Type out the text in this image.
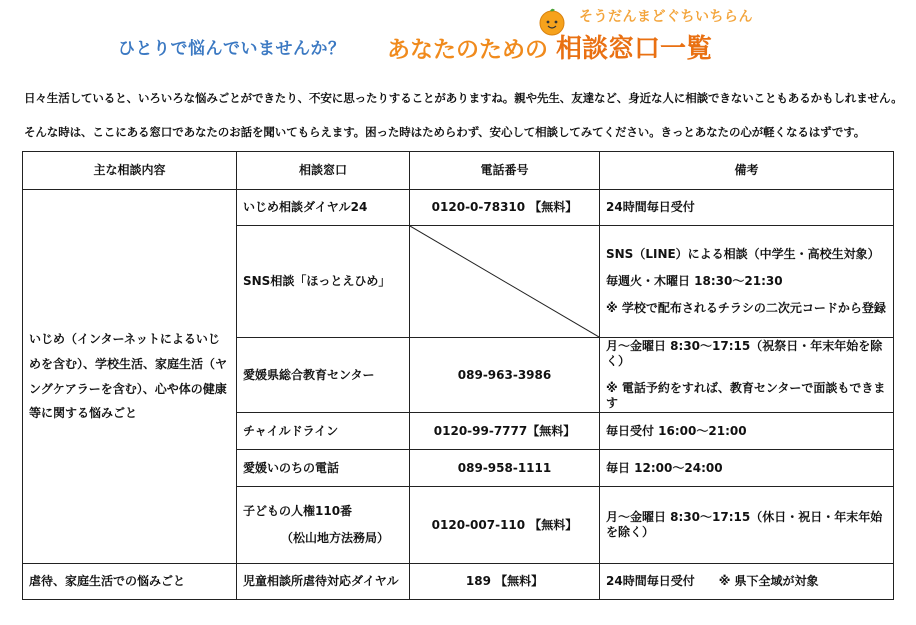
ひとりで悩んでいませんか？
そうだんまどぐちいちらん
あなたのための 相談窓口一覧
日々生活していると、いろいろな悩みごとができたり、不安に思ったりすることがありますね。親や先生、友達など、身近な人に相談できないこともあるかもしれません。
そんな時は、ここにある窓口であなたのお話を聞いてもらえます。困った時はためらわず、安心して相談してみてください。きっとあなたの心が軽くなるはずです。
主な相談内容	相談窓口	電話番号	備考

いじめ（インターネットによるいじめを含む）、学校生活、家庭生活（ヤングケアラーを含む）、心や体の健康等に関する悩みごと	いじめ相談ダイヤル24	0120-0-78310 【無料】	24時間毎日受付

	SNS相談「ほっとえひめ」		SNS（LINE）による相談（中学生・高校生対象）
毎週火・木曜日 18:30～21:30
※ 学校で配布されるチラシの二次元コードから登録

	愛媛県総合教育センター	089-963-3986	月～金曜日 8:30～17:15（祝祭日・年末年始を除く）
※ 電話予約をすれば、教育センターで面談もできます

	チャイルドライン	0120-99-7777【無料】	毎日受付 16:00～21:00

	愛媛いのちの電話	089-958-1111	毎日 12:00～24:00

	子どもの人権110番
（松山地方法務局）	0120-007-110 【無料】	月～金曜日 8:30～17:15（休日・祝日・年末年始を除く）

虐待、家庭生活での悩みごと	児童相談所虐待対応ダイヤル	189 【無料】	24時間毎日受付　　※ 県下全域が対象
